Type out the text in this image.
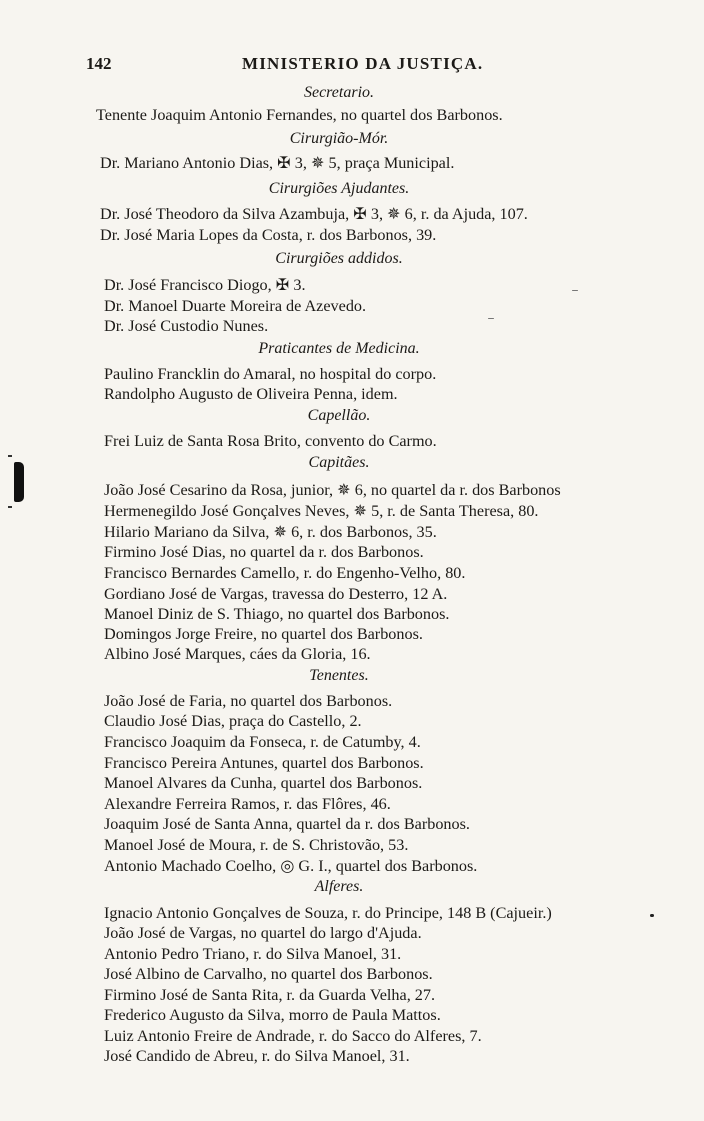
142	MINISTERIO DA JUSTIÇA.
Secretario.
Tenente Joaquim Antonio Fernandes, no quartel dos Barbonos.
Cirurgião-Mór.
Dr. Mariano Antonio Dias, ✠ 3, ✵ 5, praça Municipal.
Cirurgiões Ajudantes.
Dr. José Theodoro da Silva Azambuja, ✠ 3, ✵ 6, r. da Ajuda, 107.
Dr. José Maria Lopes da Costa, r. dos Barbonos, 39.
Cirurgiões addidos.
Dr. José Francisco Diogo, ✠ 3.
Dr. Manoel Duarte Moreira de Azevedo.
Dr. José Custodio Nunes.
Praticantes de Medicina.
Paulino Francklin do Amaral, no hospital do corpo.
Randolpho Augusto de Oliveira Penna, idem.
Capellão.
Frei Luiz de Santa Rosa Brito, convento do Carmo.
Capitães.
João José Cesarino da Rosa, junior, ✵ 6, no quartel da r. dos Barbonos
Hermenegildo José Gonçalves Neves, ✵ 5, r. de Santa Theresa, 80.
Hilario Mariano da Silva, ✵ 6, r. dos Barbonos, 35.
Firmino José Dias, no quartel da r. dos Barbonos.
Francisco Bernardes Camello, r. do Engenho-Velho, 80.
Gordiano José de Vargas, travessa do Desterro, 12 A.
Manoel Diniz de S. Thiago, no quartel dos Barbonos.
Domingos Jorge Freire, no quartel dos Barbonos.
Albino José Marques, cáes da Gloria, 16.
Tenentes.
João José de Faria, no quartel dos Barbonos.
Claudio José Dias, praça do Castello, 2.
Francisco Joaquim da Fonseca, r. de Catumby, 4.
Francisco Pereira Antunes, quartel dos Barbonos.
Manoel Alvares da Cunha, quartel dos Barbonos.
Alexandre Ferreira Ramos, r. das Flôres, 46.
Joaquim José de Santa Anna, quartel da r. dos Barbonos.
Manoel José de Moura, r. de S. Christovão, 53.
Antonio Machado Coelho, ◎ G. I., quartel dos Barbonos.
Alferes.
Ignacio Antonio Gonçalves de Souza, r. do Principe, 148 B (Cajueir.)
João José de Vargas, no quartel do largo d'Ajuda.
Antonio Pedro Triano, r. do Silva Manoel, 31.
José Albino de Carvalho, no quartel dos Barbonos.
Firmino José de Santa Rita, r. da Guarda Velha, 27.
Frederico Augusto da Silva, morro de Paula Mattos.
Luiz Antonio Freire de Andrade, r. do Sacco do Alferes, 7.
José Candido de Abreu, r. do Silva Manoel, 31.
